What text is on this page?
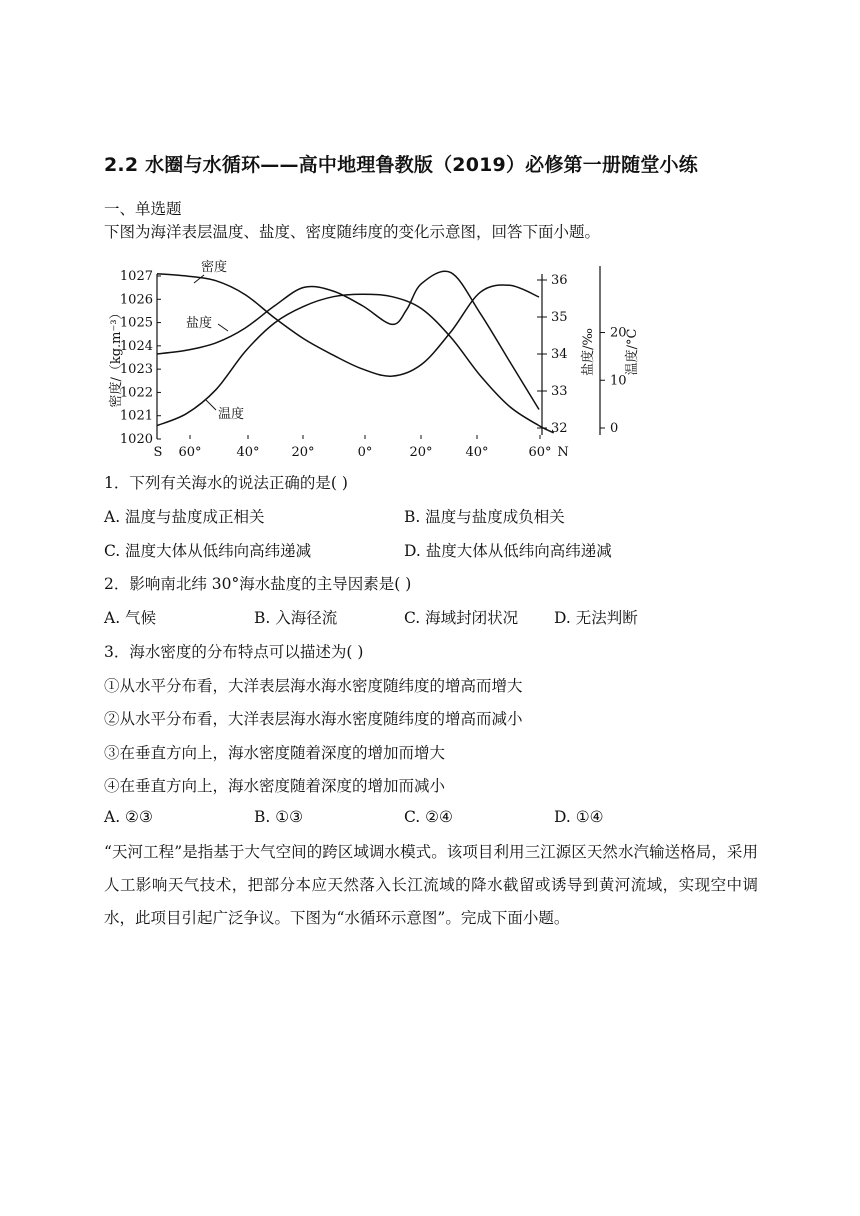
2.2 水圈与水循环——高中地理鲁教版（2019）必修第一册随堂小练
一、单选题
下图为海洋表层温度、盐度、密度随纬度的变化示意图，回答下面小题。
1027
1026
1025
1024
1023
1022
1021
1020
密度/（kg.m⁻³）
S 60°	40° 20°	0°	20°	40°	60° N
36
35
34
33
32
盐度/‰ 20
10
0
温度/°C
密度
盐度
温度
1．下列有关海水的说法正确的是( )
A. 温度与盐度成正相关	B. 温度与盐度成负相关
C. 温度大体从低纬向高纬递减	D. 盐度大体从低纬向高纬递减
2．影响南北纬 30°海水盐度的主导因素是( )
A. 气候	B. 入海径流	C. 海域封闭状况 D. 无法判断
3．海水密度的分布特点可以描述为( )
①从水平分布看，大洋表层海水海水密度随纬度的增高而增大
②从水平分布看，大洋表层海水海水密度随纬度的增高而减小
③在垂直方向上，海水密度随着深度的增加而增大
④在垂直方向上，海水密度随着深度的增加而减小
A. ②③	B. ①③	C. ②④	D. ①④
“天河工程”是指基于大气空间的跨区域调水模式。该项目利用三江源区天然水汽输送格局，采用人工影响天气技术，把部分本应天然落入长江流域的降水截留或诱导到黄河流域，实现空中调水，此项目引起广泛争议。下图为“水循环示意图”。完成下面小题。
